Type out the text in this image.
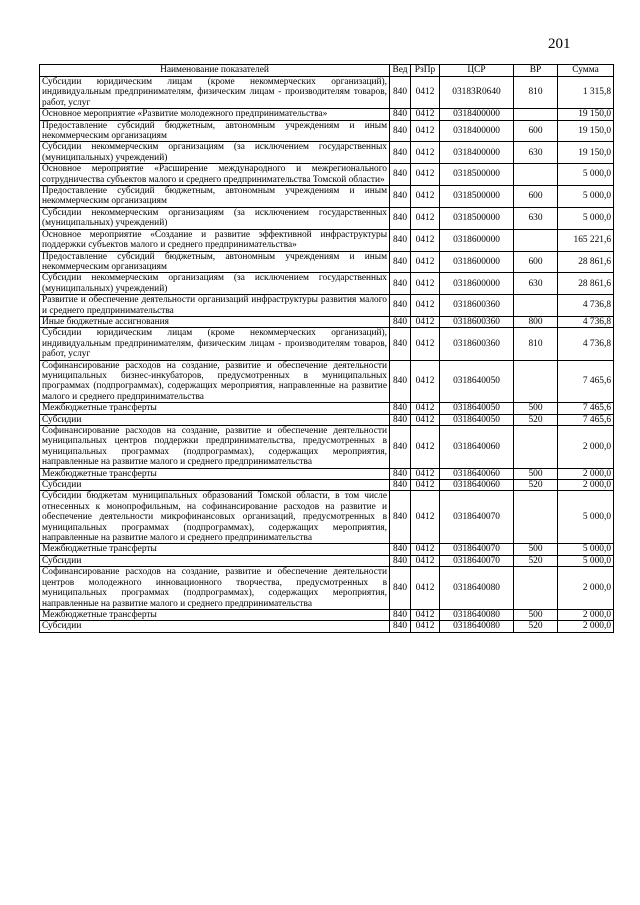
201
Наименование показателей	Вед	РзПр	ЦСР	ВР	Сумма
Субсидии юридическим лицам (кроме некоммерческих организаций), индивидуальным предпринимателям, физическим лицам - производителям товаров, работ, услуг	840	0412	03183R0640	810	1 315,8
Основное мероприятие «Развитие молодежного предпринимательства»	840	0412	0318400000		19 150,0
Предоставление субсидий бюджетным, автономным учреждениям и иным некоммерческим организациям	840	0412	0318400000	600	19 150,0
Субсидии некоммерческим организациям (за исключением государственных (муниципальных) учреждений)	840	0412	0318400000	630	19 150,0
Основное мероприятие «Расширение международного и межрегионального сотрудничества субъектов малого и среднего предпринимательства Томской области»	840	0412	0318500000		5 000,0
Предоставление субсидий бюджетным, автономным учреждениям и иным некоммерческим организациям	840	0412	0318500000	600	5 000,0
Субсидии некоммерческим организациям (за исключением государственных (муниципальных) учреждений)	840	0412	0318500000	630	5 000,0
Основное мероприятие «Создание и развитие эффективной инфраструктуры поддержки субъектов малого и среднего предпринимательства»	840	0412	0318600000		165 221,6
Предоставление субсидий бюджетным, автономным учреждениям и иным некоммерческим организациям	840	0412	0318600000	600	28 861,6
Субсидии некоммерческим организациям (за исключением государственных (муниципальных) учреждений)	840	0412	0318600000	630	28 861,6
Развитие и обеспечение деятельности организаций инфраструктуры развития малого и среднего предпринимательства	840	0412	0318600360		4 736,8
Иные бюджетные ассигнования	840	0412	0318600360	800	4 736,8
Субсидии юридическим лицам (кроме некоммерческих организаций), индивидуальным предпринимателям, физическим лицам - производителям товаров, работ, услуг	840	0412	0318600360	810	4 736,8
Софинансирование расходов на создание, развитие и обеспечение деятельности муниципальных бизнес-инкубаторов, предусмотренных в муниципальных программах (подпрограммах), содержащих мероприятия, направленные на развитие малого и среднего предпринимательства	840	0412	0318640050		7 465,6
Межбюджетные трансферты	840	0412	0318640050	500	7 465,6
Субсидии	840	0412	0318640050	520	7 465,6
Софинансирование расходов на создание, развитие и обеспечение деятельности муниципальных центров поддержки предпринимательства, предусмотренных в муниципальных программах (подпрограммах), содержащих мероприятия, направленные на развитие малого и среднего предпринимательства	840	0412	0318640060		2 000,0
Межбюджетные трансферты	840	0412	0318640060	500	2 000,0
Субсидии	840	0412	0318640060	520	2 000,0
Субсидии бюджетам муниципальных образований Томской области, в том числе отнесенных к монопрофильным, на софинансирование расходов на развитие и обеспечение деятельности микрофинансовых организаций, предусмотренных в муниципальных программах (подпрограммах), содержащих мероприятия, направленные на развитие малого и среднего предпринимательства	840	0412	0318640070		5 000,0
Межбюджетные трансферты	840	0412	0318640070	500	5 000,0
Субсидии	840	0412	0318640070	520	5 000,0
Софинансирование расходов на создание, развитие и обеспечение деятельности центров молодежного инновационного творчества, предусмотренных в муниципальных программах (подпрограммах), содержащих мероприятия, направленные на развитие малого и среднего предпринимательства	840	0412	0318640080		2 000,0
Межбюджетные трансферты	840	0412	0318640080	500	2 000,0
Субсидии	840	0412	0318640080	520	2 000,0
